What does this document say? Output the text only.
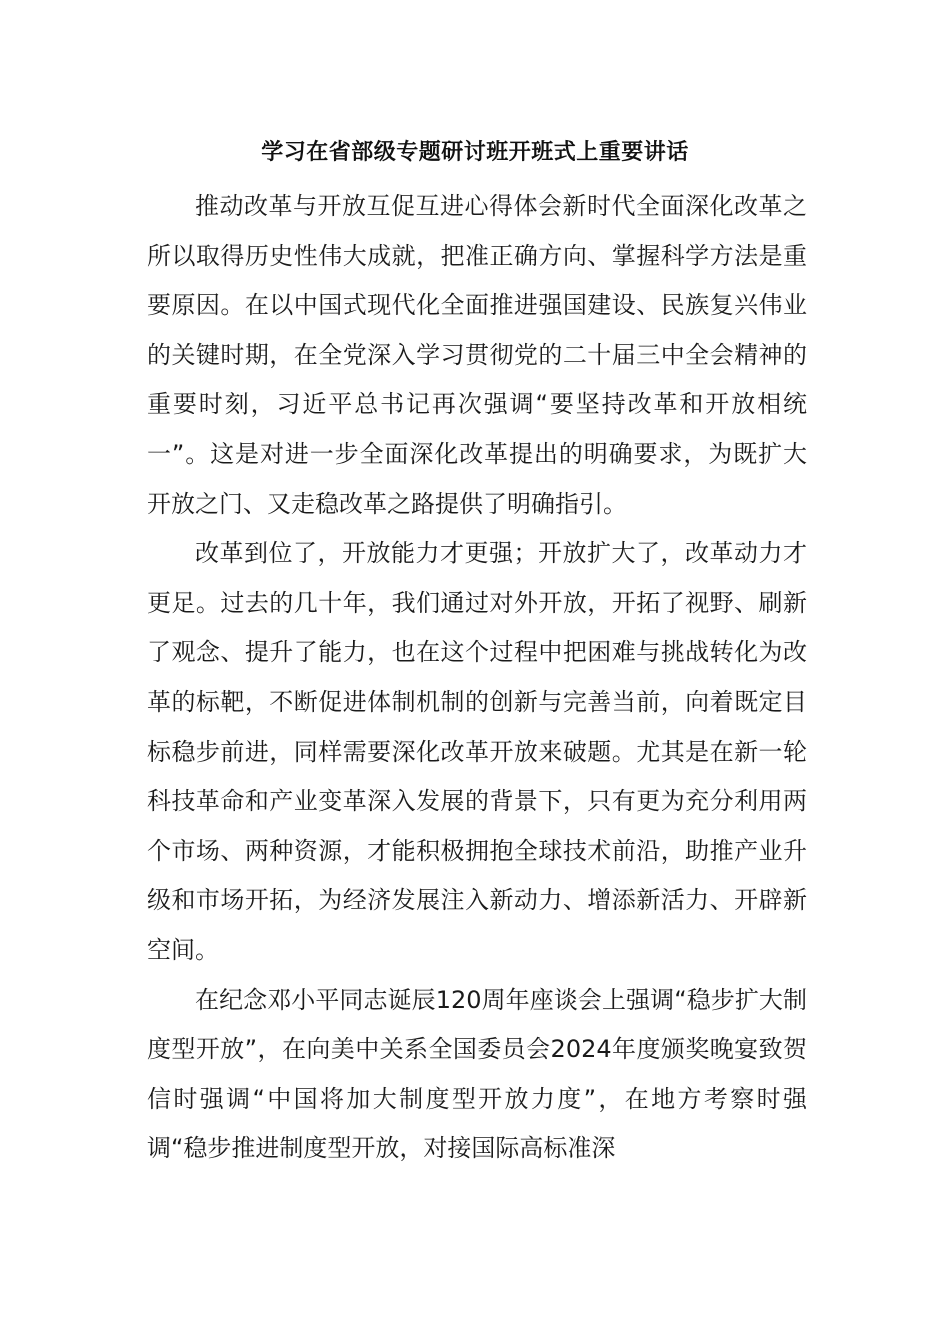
学习在省部级专题研讨班开班式上重要讲话

推动改革与开放互促互进心得体会新时代全面深化改革之所以取得历史性伟大成就，把准正确方向、掌握科学方法是重要原因。在以中国式现代化全面推进强国建设、民族复兴伟业的关键时期，在全党深入学习贯彻党的二十届三中全会精神的重要时刻，习近平总书记再次强调“要坚持改革和开放相统一”。这是对进一步全面深化改革提出的明确要求，为既扩大开放之门、又走稳改革之路提供了明确指引。

改革到位了，开放能力才更强；开放扩大了，改革动力才更足。过去的几十年，我们通过对外开放，开拓了视野、刷新了观念、提升了能力，也在这个过程中把困难与挑战转化为改革的标靶，不断促进体制机制的创新与完善当前，向着既定目标稳步前进，同样需要深化改革开放来破题。尤其是在新一轮科技革命和产业变革深入发展的背景下，只有更为充分利用两个市场、两种资源，才能积极拥抱全球技术前沿，助推产业升级和市场开拓，为经济发展注入新动力、增添新活力、开辟新空间。

在纪念邓小平同志诞辰120周年座谈会上强调“稳步扩大制度型开放”，在向美中关系全国委员会2024年度颁奖晚宴致贺信时强调“中国将加大制度型开放力度”，在地方考察时强调“稳步推进制度型开放，对接国际高标准深
